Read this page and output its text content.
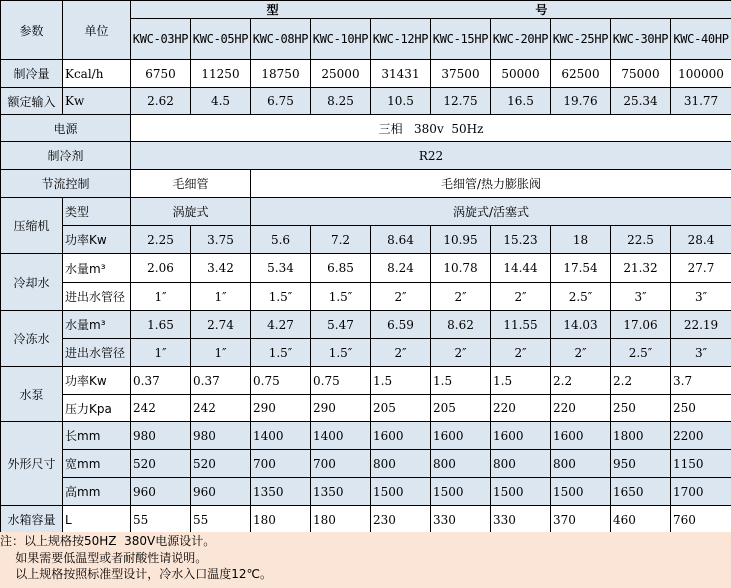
参数	单位	型    号									
		KWC-03HP	KWC-05HP	KWC-08HP	KWC-10HP	KWC-12HP	KWC-15HP	KWC-20HP	KWC-25HP	KWC-30HP	KWC-40HP
制冷量	Kcal/h	6750	11250	18750	25000	31431	37500	50000	62500	75000	100000
额定输入	Kw	2.62	4.5	6.75	8.25	10.5	12.75	16.5	19.76	25.34	31.77
电源		三相   380v  50Hz									
制冷剂		R22									
节流控制		毛细管		毛细管/热力膨胀阀							
压缩机	类型	涡旋式		涡旋式/活塞式							
	功率Kw	2.25	3.75	5.6	7.2	8.64	10.95	15.23	18	22.5	28.4
冷却水	水量m³	2.06	3.42	5.34	6.85	8.24	10.78	14.44	17.54	21.32	27.7
	进出水管径	1″	1″	1.5″	1.5″	2″	2″	2″	2.5″	3″	3″
冷冻水	水量m³	1.65	2.74	4.27	5.47	6.59	8.62	11.55	14.03	17.06	22.19
	进出水管径	1″	1″	1.5″	1.5″	2″	2″	2″	2″	2.5″	3″
水泵	功率Kw	0.37	0.37	0.75	0.75	1.5	1.5	1.5	2.2	2.2	3.7
	压力Kpa	242	242	290	290	205	205	220	220	250	250
外形尺寸	长mm	980	980	1400	1400	1600	1600	1600	1600	1800	2200
	宽mm	520	520	700	700	800	800	800	800	950	1150
	高mm	960	960	1350	1350	1500	1500	1500	1500	1650	1700
水箱容量	L	55	55	180	180	230	330	330	370	460	760
注：以上规格按50HZ  380V电源设计。
如果需要低温型或者耐酸性请说明。
以上规格按照标准型设计，冷水入口温度12℃。
